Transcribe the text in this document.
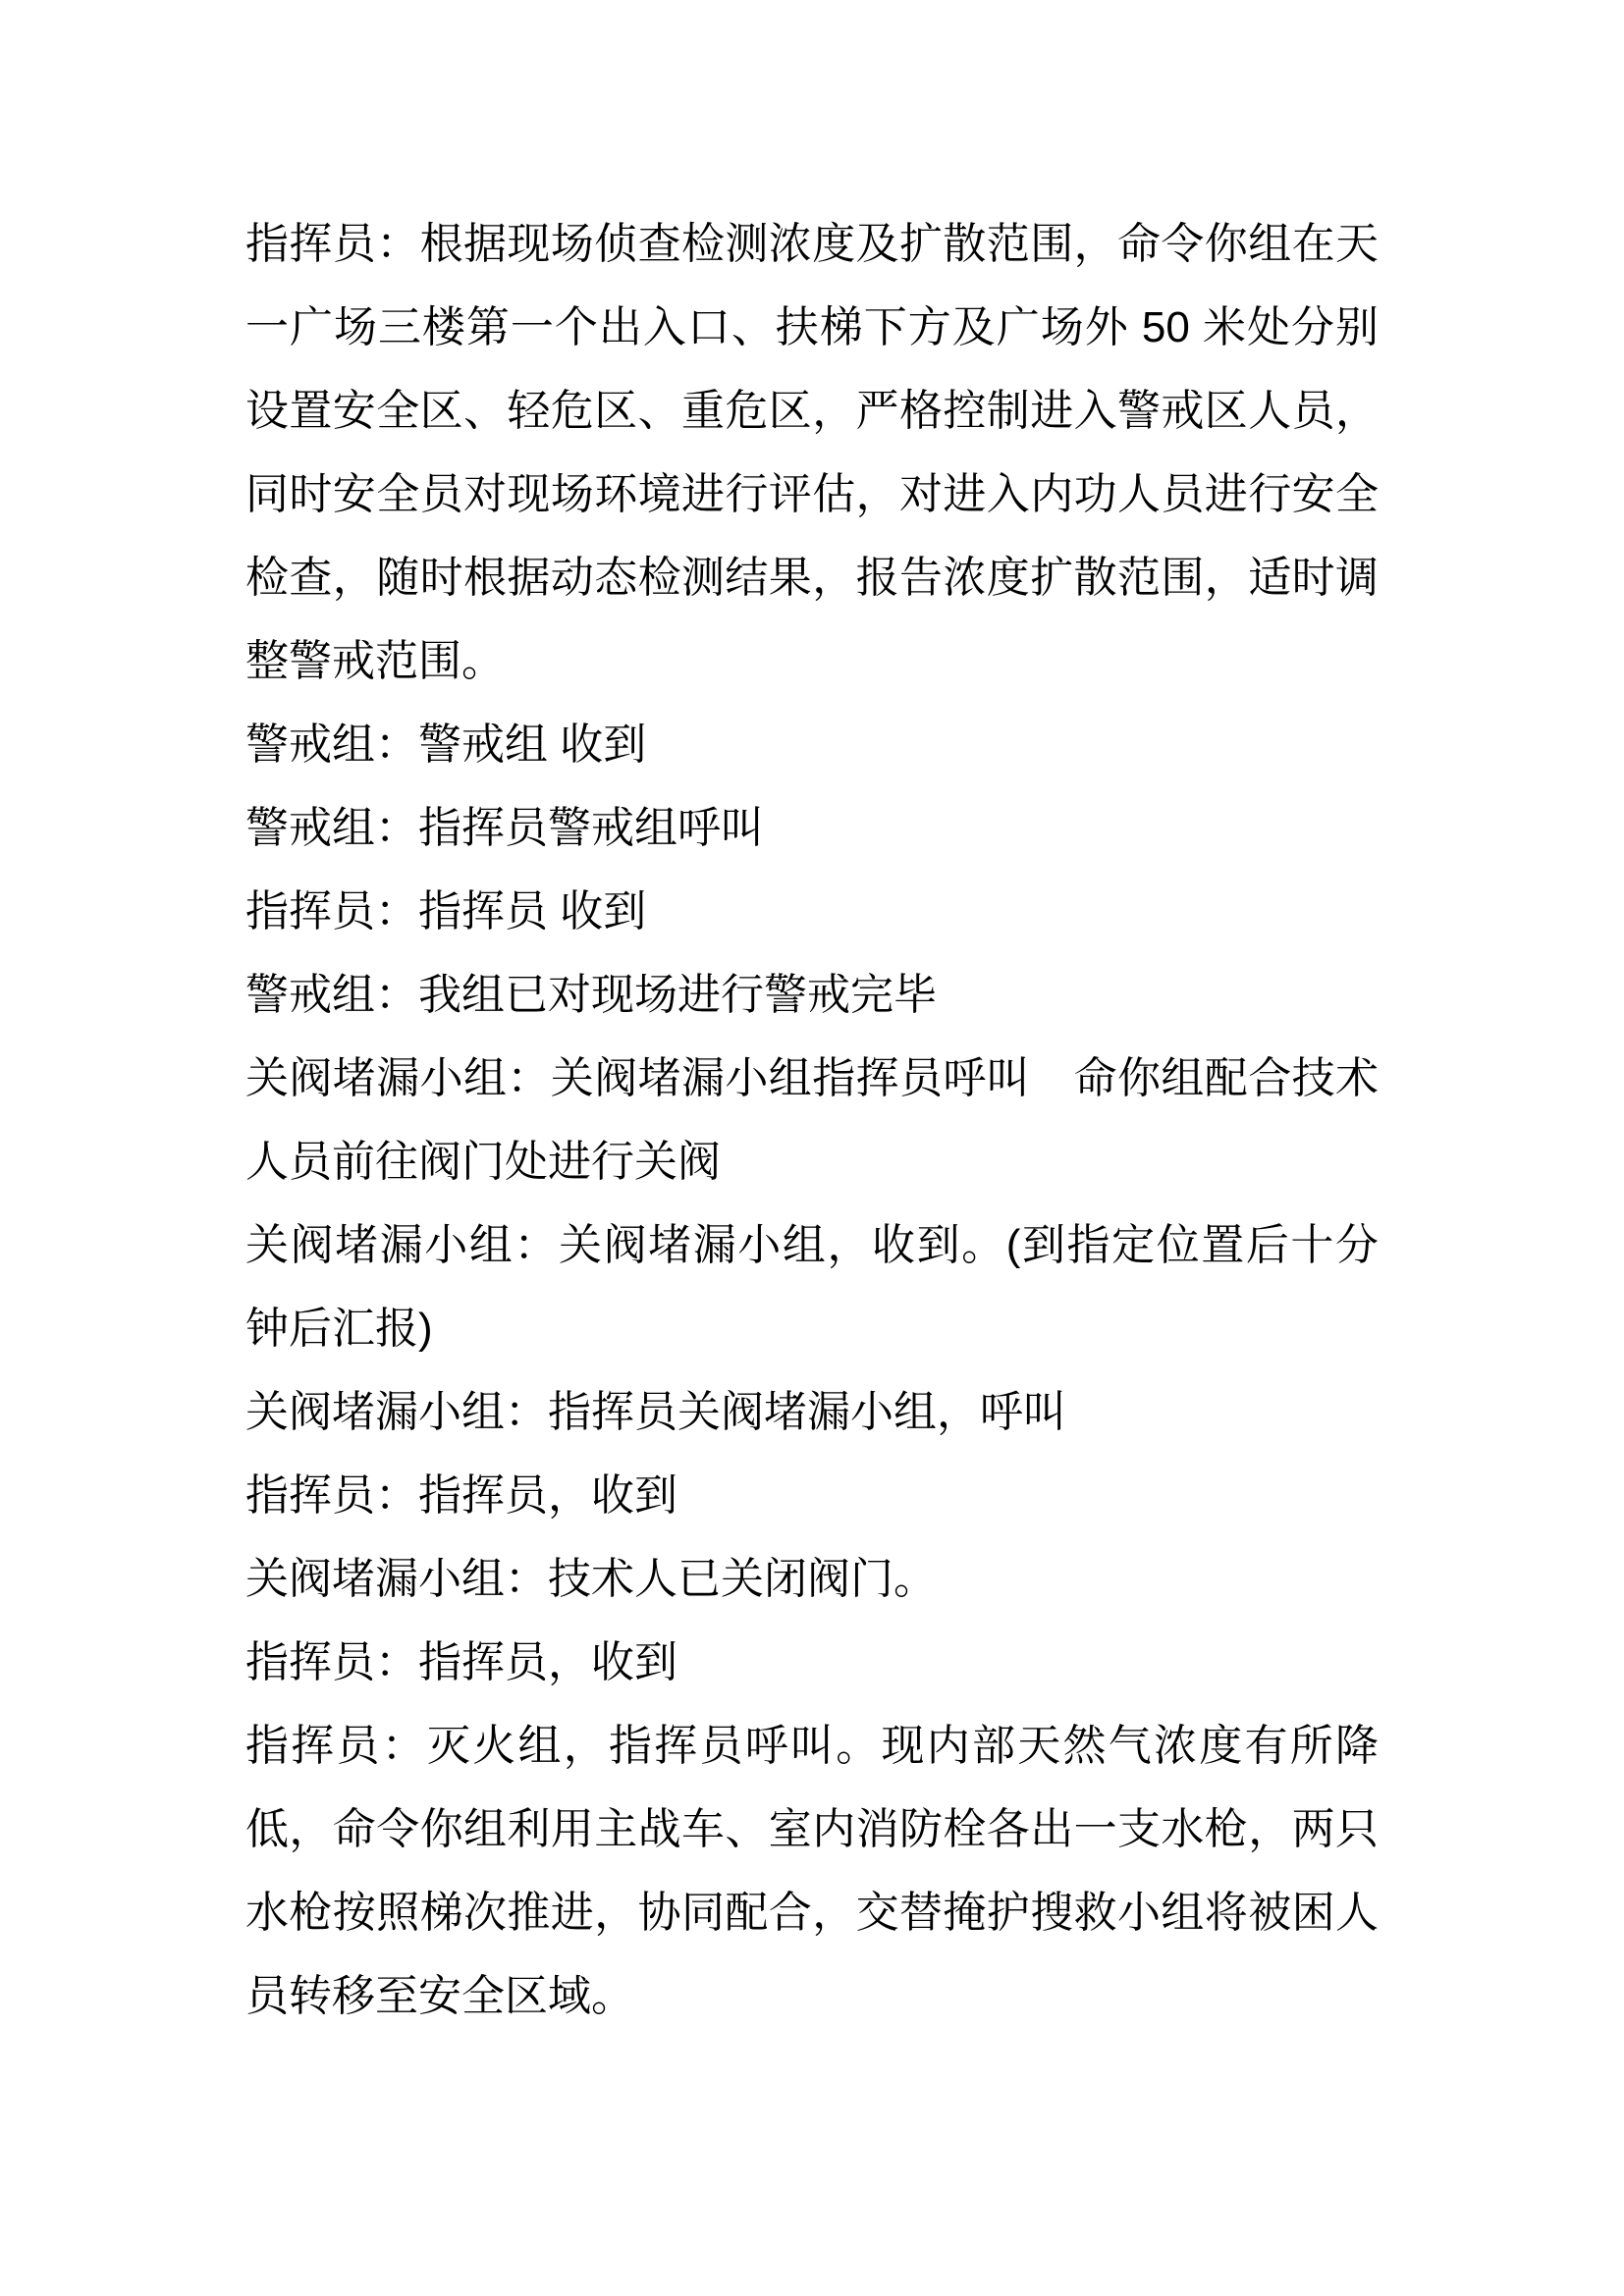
指挥员：根据现场侦查检测浓度及扩散范围，命令你组在天一广场三楼第一个出入口、扶梯下方及广场外 50 米处分别设置安全区、轻危区、重危区，严格控制进入警戒区人员，同时安全员对现场环境进行评估，对进入内功人员进行安全检查，随时根据动态检测结果，报告浓度扩散范围，适时调整警戒范围。

警戒组：警戒组 收到

警戒组：指挥员警戒组呼叫

指挥员：指挥员 收到

警戒组：我组已对现场进行警戒完毕

关阀堵漏小组：关阀堵漏小组指挥员呼叫　命你组配合技术人员前往阀门处进行关阀

关阀堵漏小组：关阀堵漏小组，收到。(到指定位置后十分钟后汇报)

关阀堵漏小组：指挥员关阀堵漏小组，呼叫

指挥员：指挥员，收到

关阀堵漏小组：技术人已关闭阀门。

指挥员：指挥员，收到

指挥员：灭火组，指挥员呼叫。现内部天然气浓度有所降低，命令你组利用主战车、室内消防栓各出一支水枪，两只水枪按照梯次推进，协同配合，交替掩护搜救小组将被困人员转移至安全区域。
